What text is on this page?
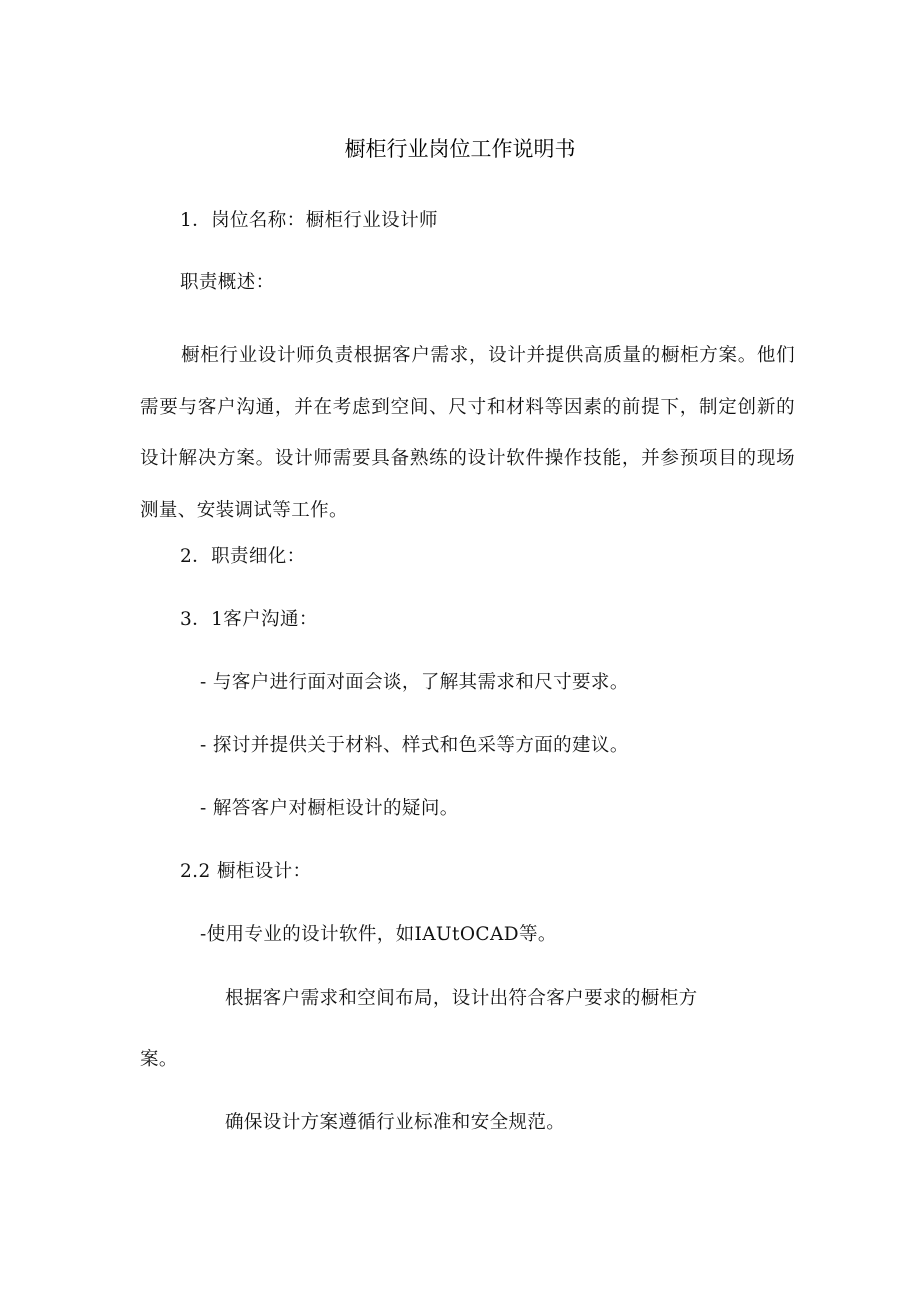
橱柜行业岗位工作说明书
1．岗位名称：橱柜行业设计师
职责概述：
橱柜行业设计师负责根据客户需求，设计并提供高质量的橱柜方案。他们需要与客户沟通，并在考虑到空间、尺寸和材料等因素的前提下，制定创新的设计解决方案。设计师需要具备熟练的设计软件操作技能，并参预项目的现场测量、安装调试等工作。
2．职责细化：
3．1客户沟通：
- 与客户进行面对面会谈，了解其需求和尺寸要求。
- 探讨并提供关于材料、样式和色采等方面的建议。
- 解答客户对橱柜设计的疑问。
2.2 橱柜设计：
-使用专业的设计软件，如IAUtOCAD等。
根据客户需求和空间布局，设计出符合客户要求的橱柜方
案。
确保设计方案遵循行业标准和安全规范。
